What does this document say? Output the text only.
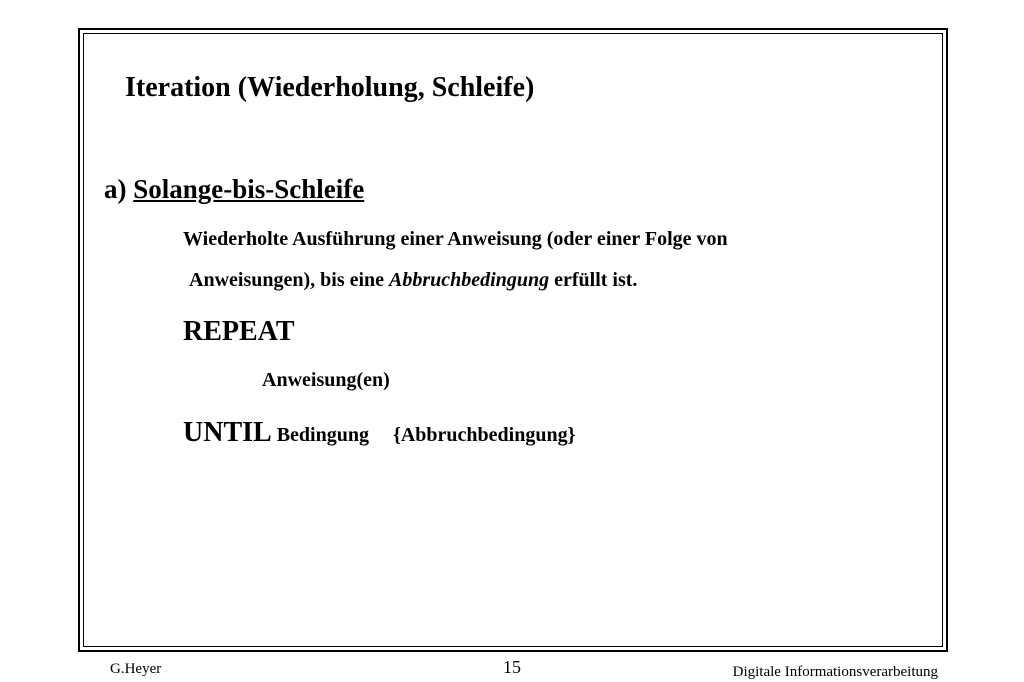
Iteration (Wiederholung, Schleife)
a) Solange-bis-Schleife
Wiederholte Ausführung einer Anweisung (oder einer Folge von
Anweisungen), bis eine Abbruchbedingung erfüllt ist.
REPEAT
Anweisung(en)
UNTIL Bedingung {Abbruchbedingung}
G.Heyer	15	Digitale Informationsverarbeitung
